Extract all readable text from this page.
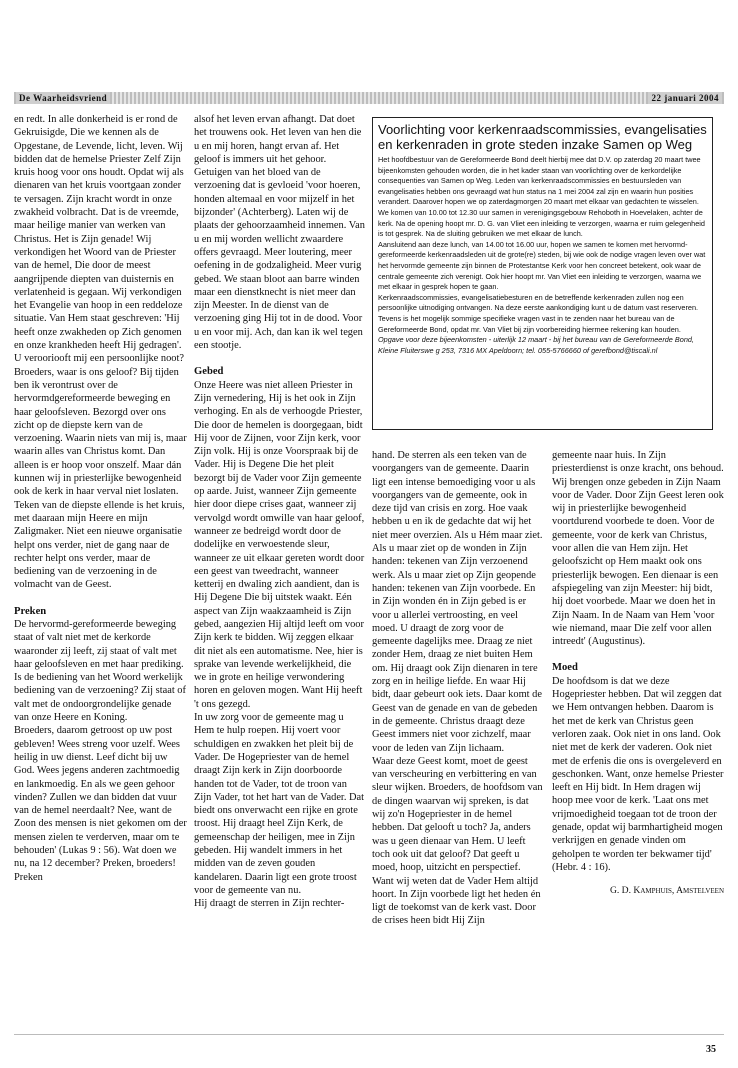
De Waarheidsvriend	22 januari 2004

en redt. In alle donkerheid is er rond de Gekruisigde, Die we kennen als de Opgestane, de Levende, licht, leven. Wij bidden dat de hemelse Priester Zelf Zijn kruis hoog voor ons houdt. Opdat wij als dienaren van het kruis voortgaan zonder te versagen. Zijn kracht wordt in onze zwakheid volbracht. Dat is de vreemde, maar heilige manier van werken van Christus. Het is Zijn genade! Wij verkondigen het Woord van de Priester van de hemel, Die door de meest aangrijpende diepten van duisternis en verlatenheid is gegaan. Wij verkondigen het Evangelie van hoop in een reddeloze situatie. Van Hem staat geschreven: 'Hij heeft onze zwakheden op Zich genomen en onze krankheden heeft Hij gedragen'.

U verooriooft mij een persoonlijke noot? Broeders, waar is ons geloof? Bij tijden ben ik verontrust over de hervormdgereformeerde beweging en haar geloofsleven. Bezorgd over ons zicht op de diepste kern van de verzoening. Waarin niets van mij is, maar waarin alles van Christus komt. Dan alleen is er hoop voor onszelf. Maar dán kunnen wij in priesterlijke bewogenheid ook de kerk in haar verval niet loslaten. Teken van de diepste ellende is het kruis, met daaraan mijn Heere en mijn Zaligmaker. Niet een nieuwe organisatie helpt ons verder, niet de gang naar de rechter helpt ons verder, maar de bediening van de verzoening in de volmacht van de Geest.

Preken

De hervormd-gereformeerde beweging staat of valt niet met de kerkorde waaronder zij leeft, zij staat of valt met haar geloofsleven en met haar prediking. Is de bediening van het Woord werkelijk bediening van de verzoening? Zij staat of valt met de ondoorgrondelijke genade van onze Heere en Koning.

Broeders, daarom getroost op uw post gebleven! Wees streng voor uzelf. Wees heilig in uw dienst. Leef dicht bij uw God. Wees jegens anderen zachtmoedig en lankmoedig. En als we geen gehoor vinden? Zullen we dan bidden dat vuur van de hemel neerdaalt? Nee, want de Zoon des mensen is niet gekomen om der mensen zielen te verderven, maar om te behouden' (Lukas 9 : 56). Wat doen we nu, na 12 december? Preken, broeders! Preken

alsof het leven ervan afhangt. Dat doet het trouwens ook. Het leven van hen die u en mij horen, hangt ervan af. Het geloof is immers uit het gehoor. Getuigen van het bloed van de verzoening dat is gevloeid 'voor hoeren, honden altemaal en voor mijzelf in het bijzonder' (Achterberg). Laten wij de plaats der gehoorzaamheid innemen. Van u en mij worden wellicht zwaardere offers gevraagd. Meer loutering, meer oefening in de godzaligheid. Meer vurig gebed. We staan bloot aan barre winden maar een dienstknecht is niet meer dan zijn Meester. In de dienst van de verzoening ging Hij tot in de dood. Voor u en voor mij. Ach, dan kan ik wel tegen een stootje.

Gebed

Onze Heere was niet alleen Priester in Zijn vernedering, Hij is het ook in Zijn verhoging. En als de verhoogde Priester, Die door de hemelen is doorgegaan, bidt Hij voor de Zijnen, voor Zijn kerk, voor Zijn volk. Hij is onze Voorspraak bij de Vader. Hij is Degene Die het pleit bezorgt bij de Vader voor Zijn gemeente op aarde. Juist, wanneer Zijn gemeente hier door diepe crises gaat, wanneer zij vervolgd wordt omwille van haar geloof, wanneer ze bedreigd wordt door de dodelijke en verwoestende sleur, wanneer ze uit elkaar gereten wordt door een geest van tweedracht, wanneer ketterij en dwaling zich aandient, dan is Hij Degene Die bij uitstek waakt. Eén aspect van Zijn waakzaamheid is Zijn gebed, aangezien Hij altijd leeft om voor Zijn kerk te bidden. Wij zeggen elkaar dit niet als een automatisme. Nee, hier is sprake van levende werkelijkheid, die we in grote en heilige verwondering horen en geloven mogen. Want Hij heeft 't ons gezegd.

In uw zorg voor de gemeente mag u Hem te hulp roepen. Hij voert voor schuldigen en zwakken het pleit bij de Vader. De Hogepriester van de hemel draagt Zijn kerk in Zijn doorboorde handen tot de Vader, tot de troon van Zijn Vader, tot het hart van de Vader. Dat biedt ons onverwacht een rijke en grote troost. Hij draagt heel Zijn Kerk, de gemeenschap der heiligen, mee in Zijn gebeden. Hij wandelt immers in het midden van de zeven gouden kandelaren. Daarin ligt een grote troost voor de gemeente van nu.

Hij draagt de sterren in Zijn rechter-

Voorlichting voor kerkenraadscommissies, evangelisaties en kerkenraden in grote steden inzake Samen op Weg

Het hoofdbestuur van de Gereformeerde Bond deelt hierbij mee dat D.V. op zaterdag 20 maart twee bijeenkomsten gehouden worden, die in het kader staan van voorlichting over de kerkordelijke consequenties van Samen op Weg. Leden van kerkenraadscommissies en bestuursleden van evangelisaties hebben ons gevraagd wat hun status na 1 mei 2004 zal zijn en waarin hun posities verandert. Daarover hopen we op zaterdagmorgen 20 maart met elkaar van gedachten te wisselen. We komen van 10.00 tot 12.30 uur samen in verenigingsgebouw Rehoboth in Hoevelaken, achter de kerk. Na de opening hoopt mr. D. G. van Vliet een inleiding te verzorgen, waarna er ruim gelegenheid is tot gesprek. Na de sluiting gebruiken we met elkaar de lunch.

Aansluitend aan deze lunch, van 14.00 tot 16.00 uur, hopen we samen te komen met hervormd-gereformeerde kerkenraadsleden uit de grote(re) steden, bij wie ook de nodige vragen leven over wat het hervormde gemeente zijn binnen de Protestantse Kerk voor hen concreet betekent, ook waar de centrale gemeente zich verenigt. Ook hier hoopt mr. Van Vliet een inleiding te verzorgen, waarna we met elkaar in gesprek hopen te gaan.

Kerkenraadscommissies, evangelisatiebesturen en de betreffende kerkenraden zullen nog een persoonlijke uitnodiging ontvangen. Na deze eerste aankondiging kunt u de datum vast reserveren. Tevens is het mogelijk sommige specifieke vragen vast in te zenden naar het bureau van de Gereformeerde Bond, opdat mr. Van Vliet bij zijn voorbereiding hiermee rekening kan houden.

Opgave voor deze bijeenkomsten - uiterlijk 12 maart - bij het bureau van de Gereformeerde Bond, Kleine Fluiterswe g 253, 7316 MX Apeldoorn; tel. 055-5766660 of gerefbond@tiscali.nl

hand. De sterren als een teken van de voorgangers van de gemeente. Daarin ligt een intense bemoediging voor u als voorgangers van de gemeente, ook in deze tijd van crisis en zorg. Hoe vaak hebben u en ik de gedachte dat wij het niet meer overzien. Als u Hém maar ziet. Als u maar ziet op de wonden in Zijn handen: tekenen van Zijn verzoenend werk. Als u maar ziet op Zijn geopende handen: tekenen van Zijn voorbede. En in Zijn wonden én in Zijn gebed is er voor u allerlei vertroosting, en veel moed. U draagt de zorg voor de gemeente dagelijks mee. Draag ze niet zonder Hem, draag ze niet buiten Hem om. Hij draagt ook Zijn dienaren in tere zorg en in heilige liefde. En waar Hij bidt, daar gebeurt ook iets. Daar komt de Geest van de genade en van de gebeden in de gemeente. Christus draagt deze Geest immers niet voor zichzelf, maar voor de leden van Zijn lichaam.

Waar deze Geest komt, moet de geest van verscheuring en verbittering en van sleur wijken. Broeders, de hoofdsom van de dingen waarvan wij spreken, is dat wij zo'n Hogepriester in de hemel hebben. Dat gelooft u toch? Ja, anders was u geen dienaar van Hem. U leeft toch ook uit dat geloof? Dat geeft u moed, hoop, uitzicht en perspectief. Want wij weten dat de Vader Hem altijd hoort. In Zijn voorbede ligt het heden én ligt de toekomst van de kerk vast. Door de crises heen bidt Hij Zijn

gemeente naar huis. In Zijn priesterdienst is onze kracht, ons behoud. Wij brengen onze gebeden in Zijn Naam voor de Vader. Door Zijn Geest leren ook wij in priesterlijke bewogenheid voortdurend voorbede te doen. Voor de gemeente, voor de kerk van Christus, voor allen die van Hem zijn. Het geloofszicht op Hem maakt ook ons priesterlijk bewogen. Een dienaar is een afspiegeling van zijn Meester: hij bidt, hij doet voorbede. Maar we doen het in Zijn Naam. In de Naam van Hem 'voor wie niemand, maar Die zelf voor allen intreedt' (Augustinus).

Moed

De hoofdsom is dat we deze Hogepriester hebben. Dat wil zeggen dat we Hem ontvangen hebben. Daarom is het met de kerk van Christus geen verloren zaak. Ook niet in ons land. Ook niet met de kerk der vaderen. Ook niet met de erfenis die ons is overgeleverd en geschonken. Want, onze hemelse Priester leeft en Hij bidt. In Hem dragen wij hoop mee voor de kerk. 'Laat ons met vrijmoedigheid toegaan tot de troon der genade, opdat wij barmhartigheid mogen verkrijgen en genade vinden om geholpen te worden ter bekwamer tijd' (Hebr. 4 : 16).

G. D. Kamphuis, Amstelveen

35
